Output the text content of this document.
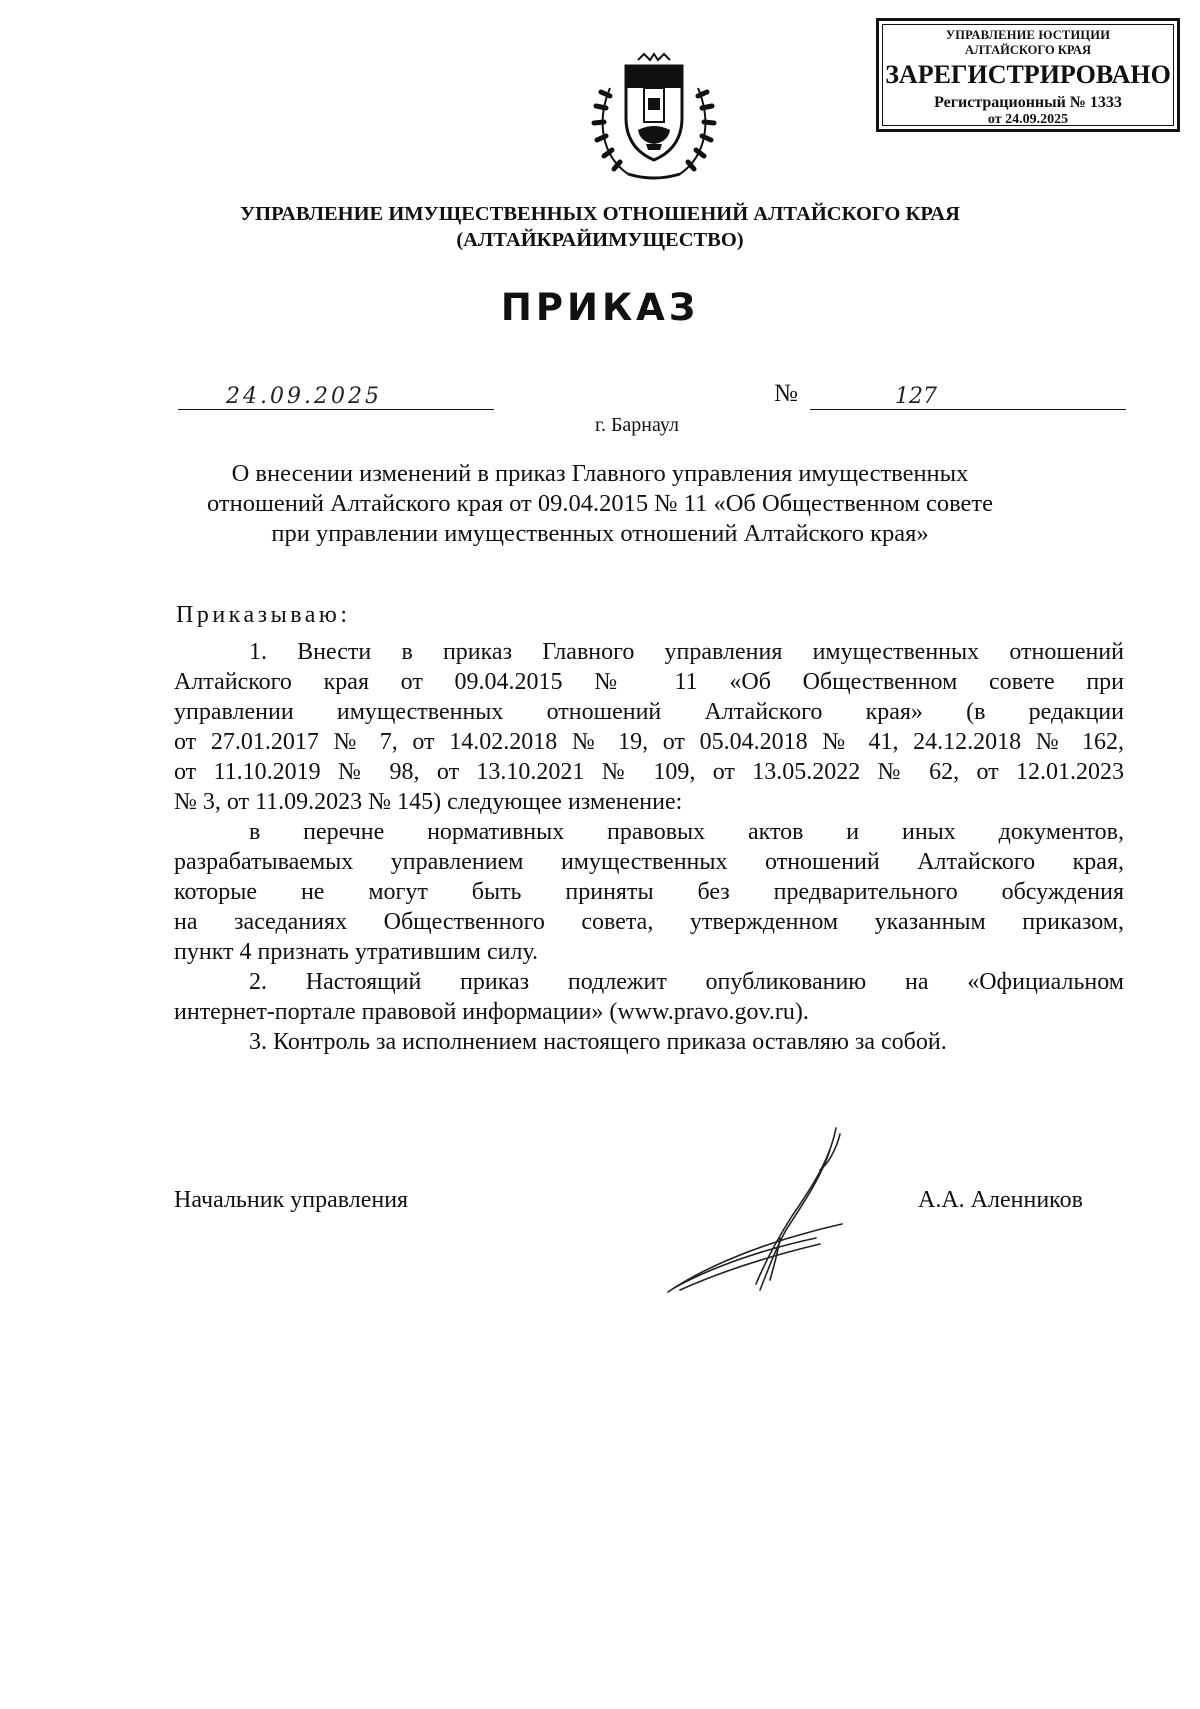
УПРАВЛЕНИЕ ЮСТИЦИИ
АЛТАЙСКОГО КРАЯ
ЗАРЕГИСТРИРОВАНО
Регистрационный № 1333
от 24.09.2025
УПРАВЛЕНИЕ ИМУЩЕСТВЕННЫХ ОТНОШЕНИЙ АЛТАЙСКОГО КРАЯ
(АЛТАЙКРАЙИМУЩЕСТВО)
ПРИКАЗ
24.09.2025	№	127
г. Барнаул
О внесении изменений в приказ Главного управления имущественных
отношений Алтайского края от 09.04.2015 № 11 «Об Общественном совете
при управлении имущественных отношений Алтайского края»
Приказываю:
1. Внести в приказ Главного управления имущественных отношений
Алтайского края от 09.04.2015 № 11 «Об Общественном совете при
управлении имущественных отношений Алтайского края» (в редакции
от 27.01.2017 № 7, от 14.02.2018 № 19, от 05.04.2018 № 41, 24.12.2018 № 162,
от 11.10.2019 № 98, от 13.10.2021 № 109, от 13.05.2022 № 62, от 12.01.2023
№ 3, от 11.09.2023 № 145) следующее изменение:
в перечне нормативных правовых актов и иных документов,
разрабатываемых управлением имущественных отношений Алтайского края,
которые не могут быть приняты без предварительного обсуждения
на заседаниях Общественного совета, утвержденном указанным приказом,
пункт 4 признать утратившим силу.
2. Настоящий приказ подлежит опубликованию на «Официальном
интернет-портале правовой информации» (www.pravo.gov.ru).
3. Контроль за исполнением настоящего приказа оставляю за собой.
Начальник управления	А.А. Аленников
